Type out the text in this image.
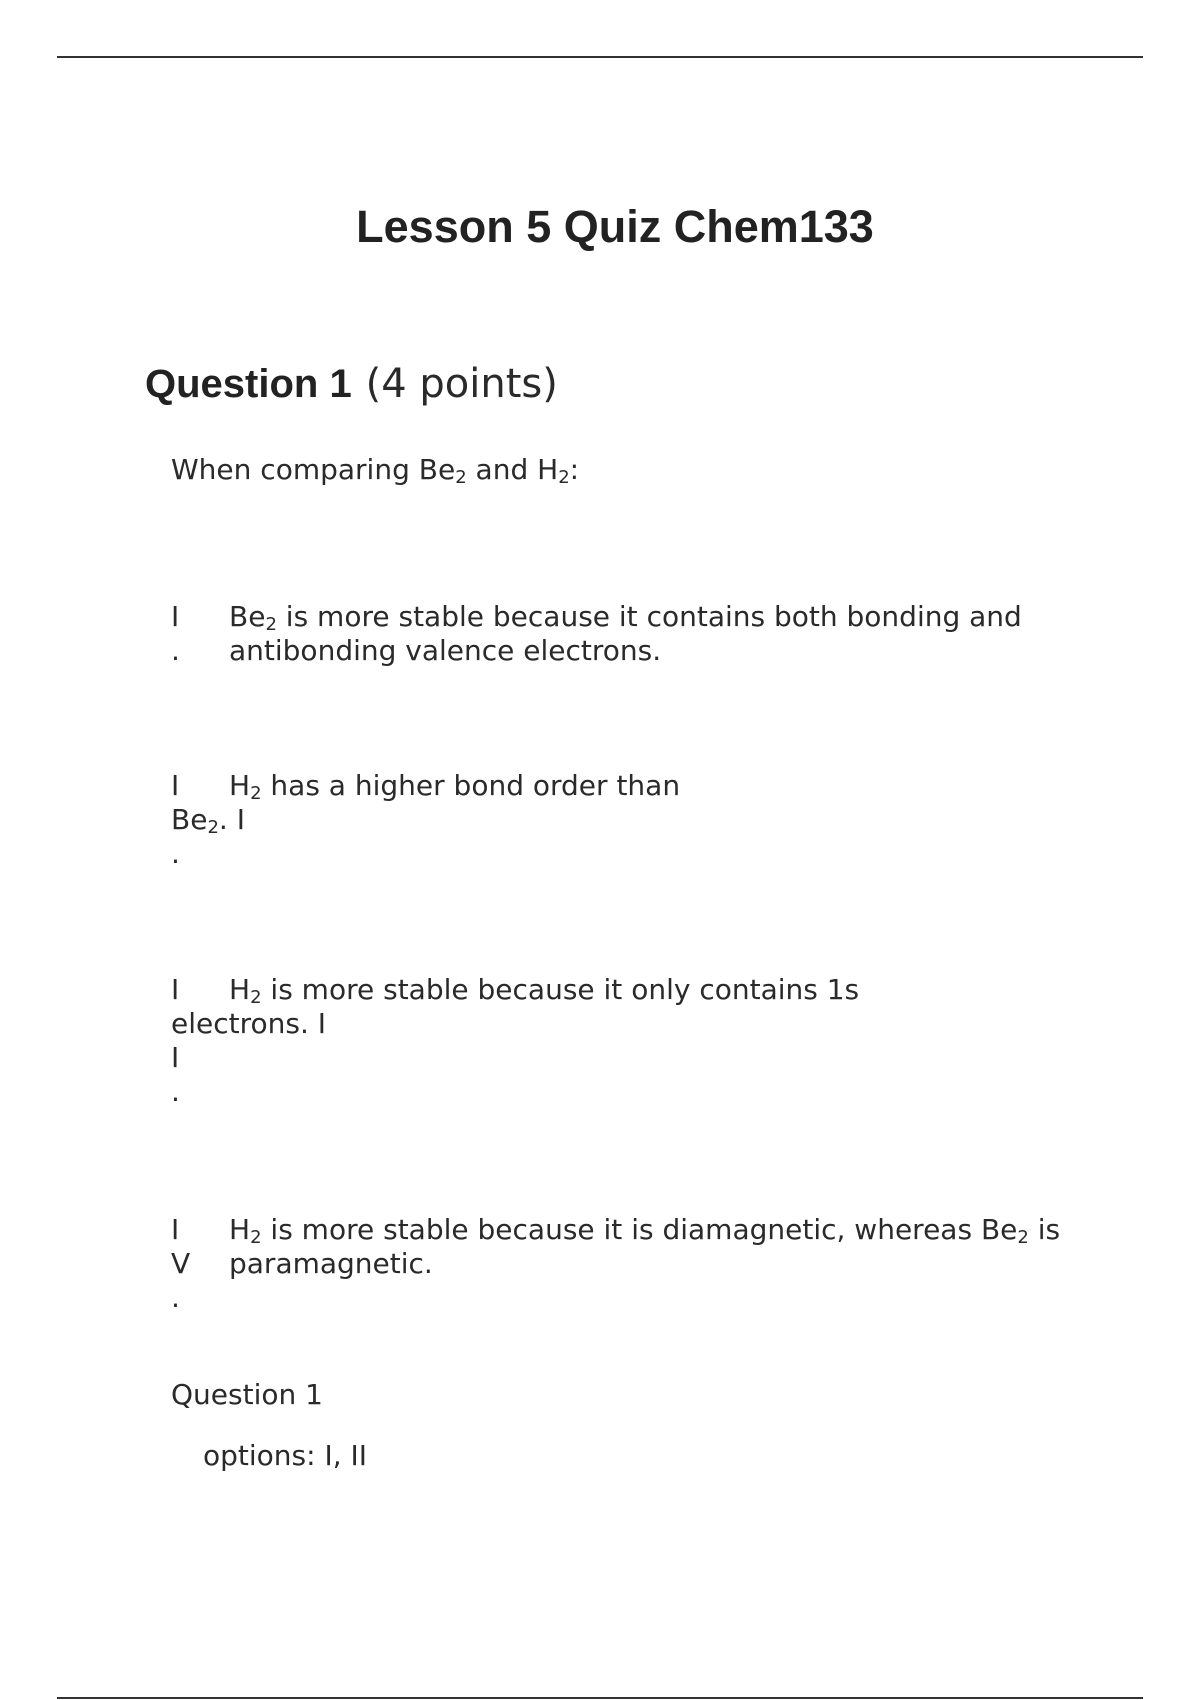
Lesson 5 Quiz Chem133
Question 1 (4 points)

When comparing $Be_2$ and $H_2$:

I
.
$Be_2$ is more stable because it contains both bonding and
antibonding valence electrons.
I	$H_2$ has a higher bond order than
$Be_2$. I
.
I	$H_2$ is more stable because it only contains 1s
electrons. I
I
.
I
V
.
$H_2$ is more stable because it is diamagnetic, whereas $Be_2$ is
paramagnetic.
Question 1
options: I, II
